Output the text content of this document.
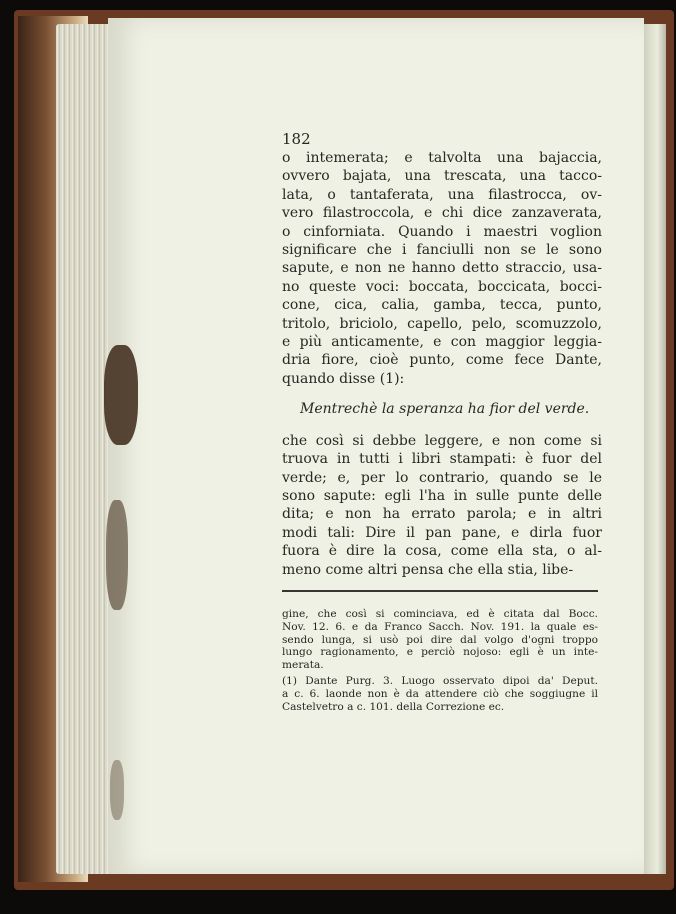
182
o intemerata; e talvolta una bajaccia,
ovvero bajata, una trescata, una tacco-
lata, o tantaferata, una filastrocca, ov-
vero filastroccola, e chi dice zanzaverata,
o cinforniata. Quando i maestri voglion
significare che i fanciulli non se le sono
sapute, e non ne hanno detto straccio, usa-
no queste voci: boccata, boccicata, bocci-
cone, cica, calia, gamba, tecca, punto,
tritolo, briciolo, capello, pelo, scomuzzolo,
e più anticamente, e con maggior leggia-
dria fiore, cioè punto, come fece Dante,
quando disse (1):
Mentrechè la speranza ha fior del verde.
che così si debbe leggere, e non come si
truova in tutti i libri stampati: è fuor del
verde; e, per lo contrario, quando se le
sono sapute: egli l'ha in sulle punte delle
dita; e non ha errato parola; e in altri
modi tali: Dire il pan pane, e dirla fuor
fuora è dire la cosa, come ella sta, o al-
meno come altri pensa che ella stia, libe-
gine, che così si cominciava, ed è citata dal Bocc.
Nov. 12. 6. e da Franco Sacch. Nov. 191. la quale es-
sendo lunga, si usò poi dire dal volgo d'ogni troppo
lungo ragionamento, e perciò nojoso: egli è un inte-
merata.
(1) Dante Purg. 3. Luogo osservato dipoi da' Deput.
a c. 6. laonde non è da attendere ciò che soggiugne il
Castelvetro a c. 101. della Correzione ec.
